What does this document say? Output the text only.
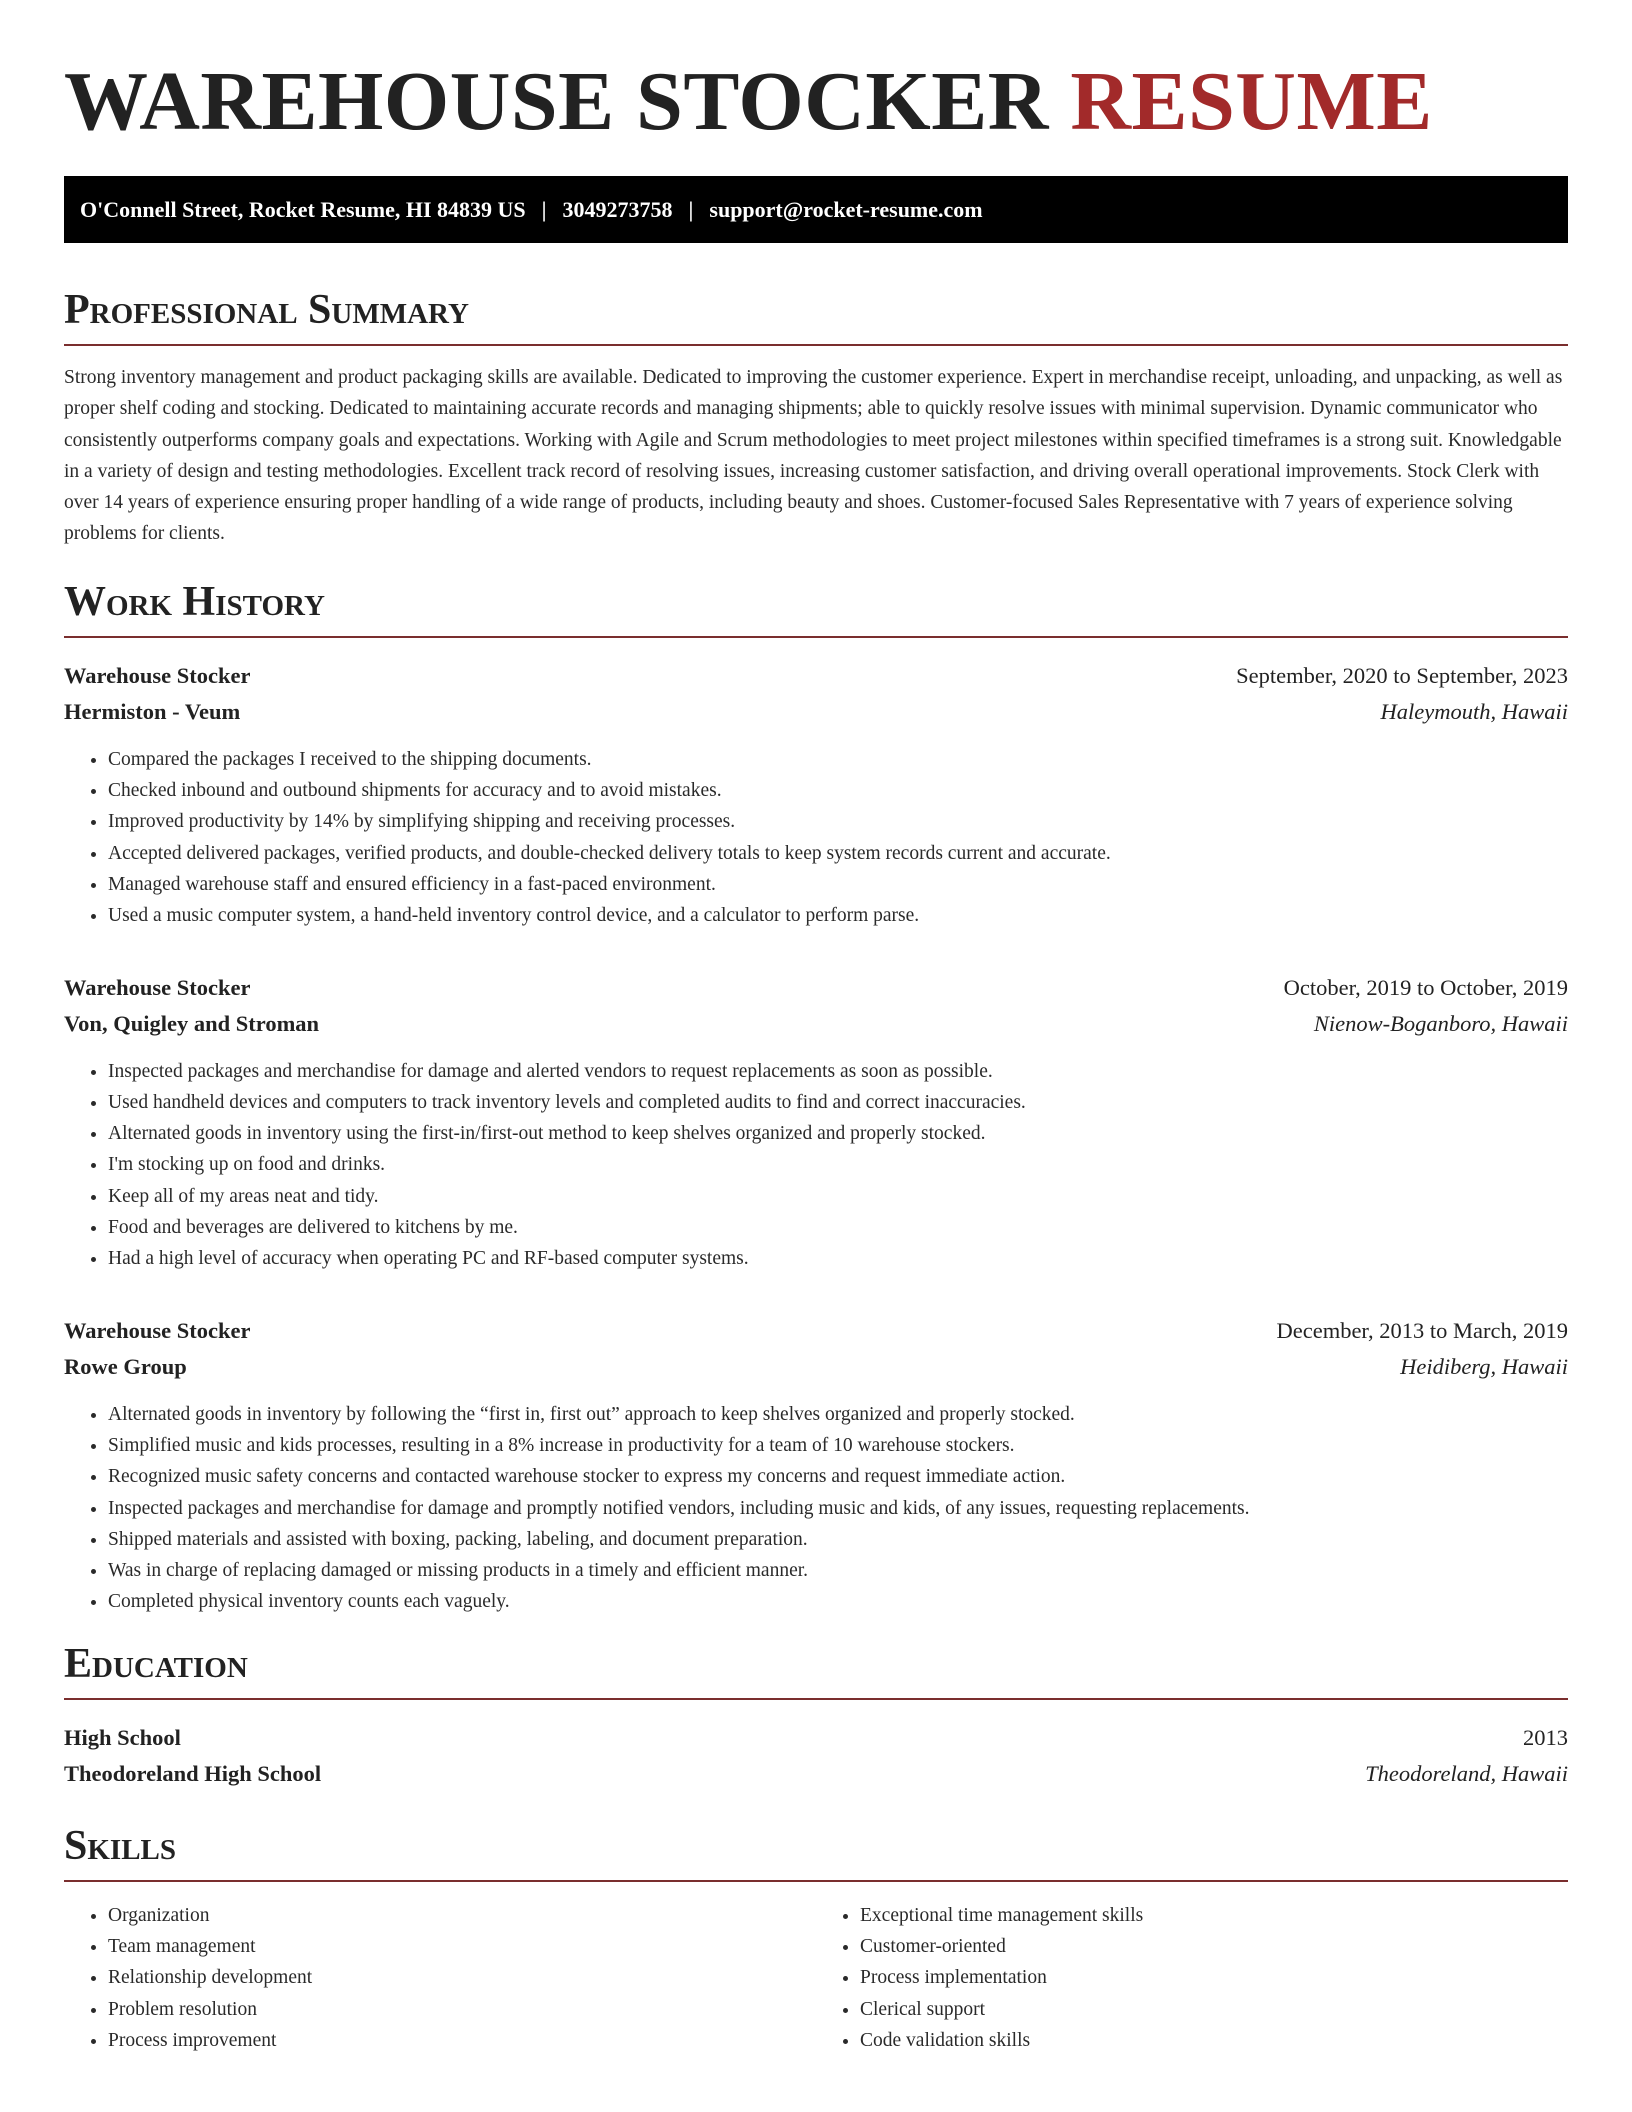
WAREHOUSE STOCKER RESUME
O'Connell Street, Rocket Resume, HI 84839 US | 3049273758 | support@rocket-resume.com
Professional Summary

Strong inventory management and product packaging skills are available. Dedicated to improving the customer experience. Expert in merchandise receipt, unloading, and unpacking, as well as proper shelf coding and stocking. Dedicated to maintaining accurate records and managing shipments; able to quickly resolve issues with minimal supervision. Dynamic communicator who consistently outperforms company goals and expectations. Working with Agile and Scrum methodologies to meet project milestones within specified timeframes is a strong suit. Knowledgable in a variety of design and testing methodologies. Excellent track record of resolving issues, increasing customer satisfaction, and driving overall operational improvements. Stock Clerk with over 14 years of experience ensuring proper handling of a wide range of products, including beauty and shoes. Customer-focused Sales Representative with 7 years of experience solving problems for clients.

Work History
Warehouse Stocker	September, 2020 to September, 2023
Hermiston - Veum	Haleymouth, Hawaii
• Compared the packages I received to the shipping documents.
• Checked inbound and outbound shipments for accuracy and to avoid mistakes.
• Improved productivity by 14% by simplifying shipping and receiving processes.
• Accepted delivered packages, verified products, and double-checked delivery totals to keep system records current and accurate.
• Managed warehouse staff and ensured efficiency in a fast-paced environment.
• Used a music computer system, a hand-held inventory control device, and a calculator to perform parse.
Warehouse Stocker	October, 2019 to October, 2019
Von, Quigley and Stroman	Nienow-Boganboro, Hawaii
• Inspected packages and merchandise for damage and alerted vendors to request replacements as soon as possible.
• Used handheld devices and computers to track inventory levels and completed audits to find and correct inaccuracies.
• Alternated goods in inventory using the first-in/first-out method to keep shelves organized and properly stocked.
• I'm stocking up on food and drinks.
• Keep all of my areas neat and tidy.
• Food and beverages are delivered to kitchens by me.
• Had a high level of accuracy when operating PC and RF-based computer systems.
Warehouse Stocker	December, 2013 to March, 2019
Rowe Group	Heidiberg, Hawaii
• Alternated goods in inventory by following the “first in, first out” approach to keep shelves organized and properly stocked.
• Simplified music and kids processes, resulting in a 8% increase in productivity for a team of 10 warehouse stockers.
• Recognized music safety concerns and contacted warehouse stocker to express my concerns and request immediate action.
• Inspected packages and merchandise for damage and promptly notified vendors, including music and kids, of any issues, requesting replacements.
• Shipped materials and assisted with boxing, packing, labeling, and document preparation.
• Was in charge of replacing damaged or missing products in a timely and efficient manner.
• Completed physical inventory counts each vaguely.
Education
High School	2013
Theodoreland High School	Theodoreland, Hawaii
Skills
• Organization
• Team management
• Relationship development
• Problem resolution
• Process improvement
• Exceptional time management skills
• Customer-oriented
• Process implementation
• Clerical support
• Code validation skills
